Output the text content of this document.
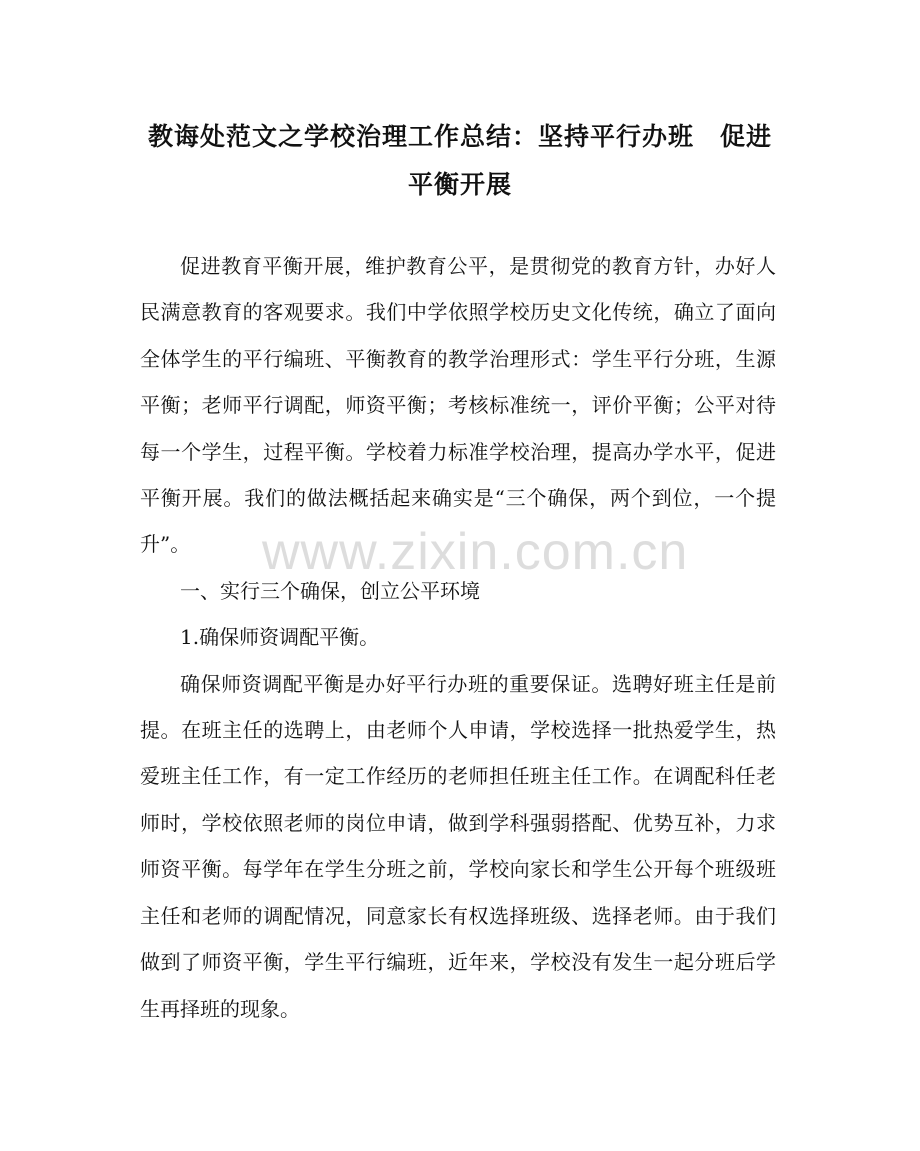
教诲处范文之学校治理工作总结：坚持平行办班　促进平衡开展

促进教育平衡开展，维护教育公平，是贯彻党的教育方针，办好人民满意教育的客观要求。我们中学依照学校历史文化传统，确立了面向全体学生的平行编班、平衡教育的教学治理形式：学生平行分班，生源平衡；老师平行调配，师资平衡；考核标准统一，评价平衡；公平对待每一个学生，过程平衡。学校着力标准学校治理，提高办学水平，促进平衡开展。我们的做法概括起来确实是“三个确保，两个到位，一个提升”。

一、实行三个确保，创立公平环境

1.确保师资调配平衡。

确保师资调配平衡是办好平行办班的重要保证。选聘好班主任是前提。在班主任的选聘上，由老师个人申请，学校选择一批热爱学生，热爱班主任工作，有一定工作经历的老师担任班主任工作。在调配科任老师时，学校依照老师的岗位申请，做到学科强弱搭配、优势互补，力求师资平衡。每学年在学生分班之前，学校向家长和学生公开每个班级班主任和老师的调配情况，同意家长有权选择班级、选择老师。由于我们做到了师资平衡，学生平行编班，近年来，学校没有发生一起分班后学生再择班的现象。

www.zixin.com.cn
